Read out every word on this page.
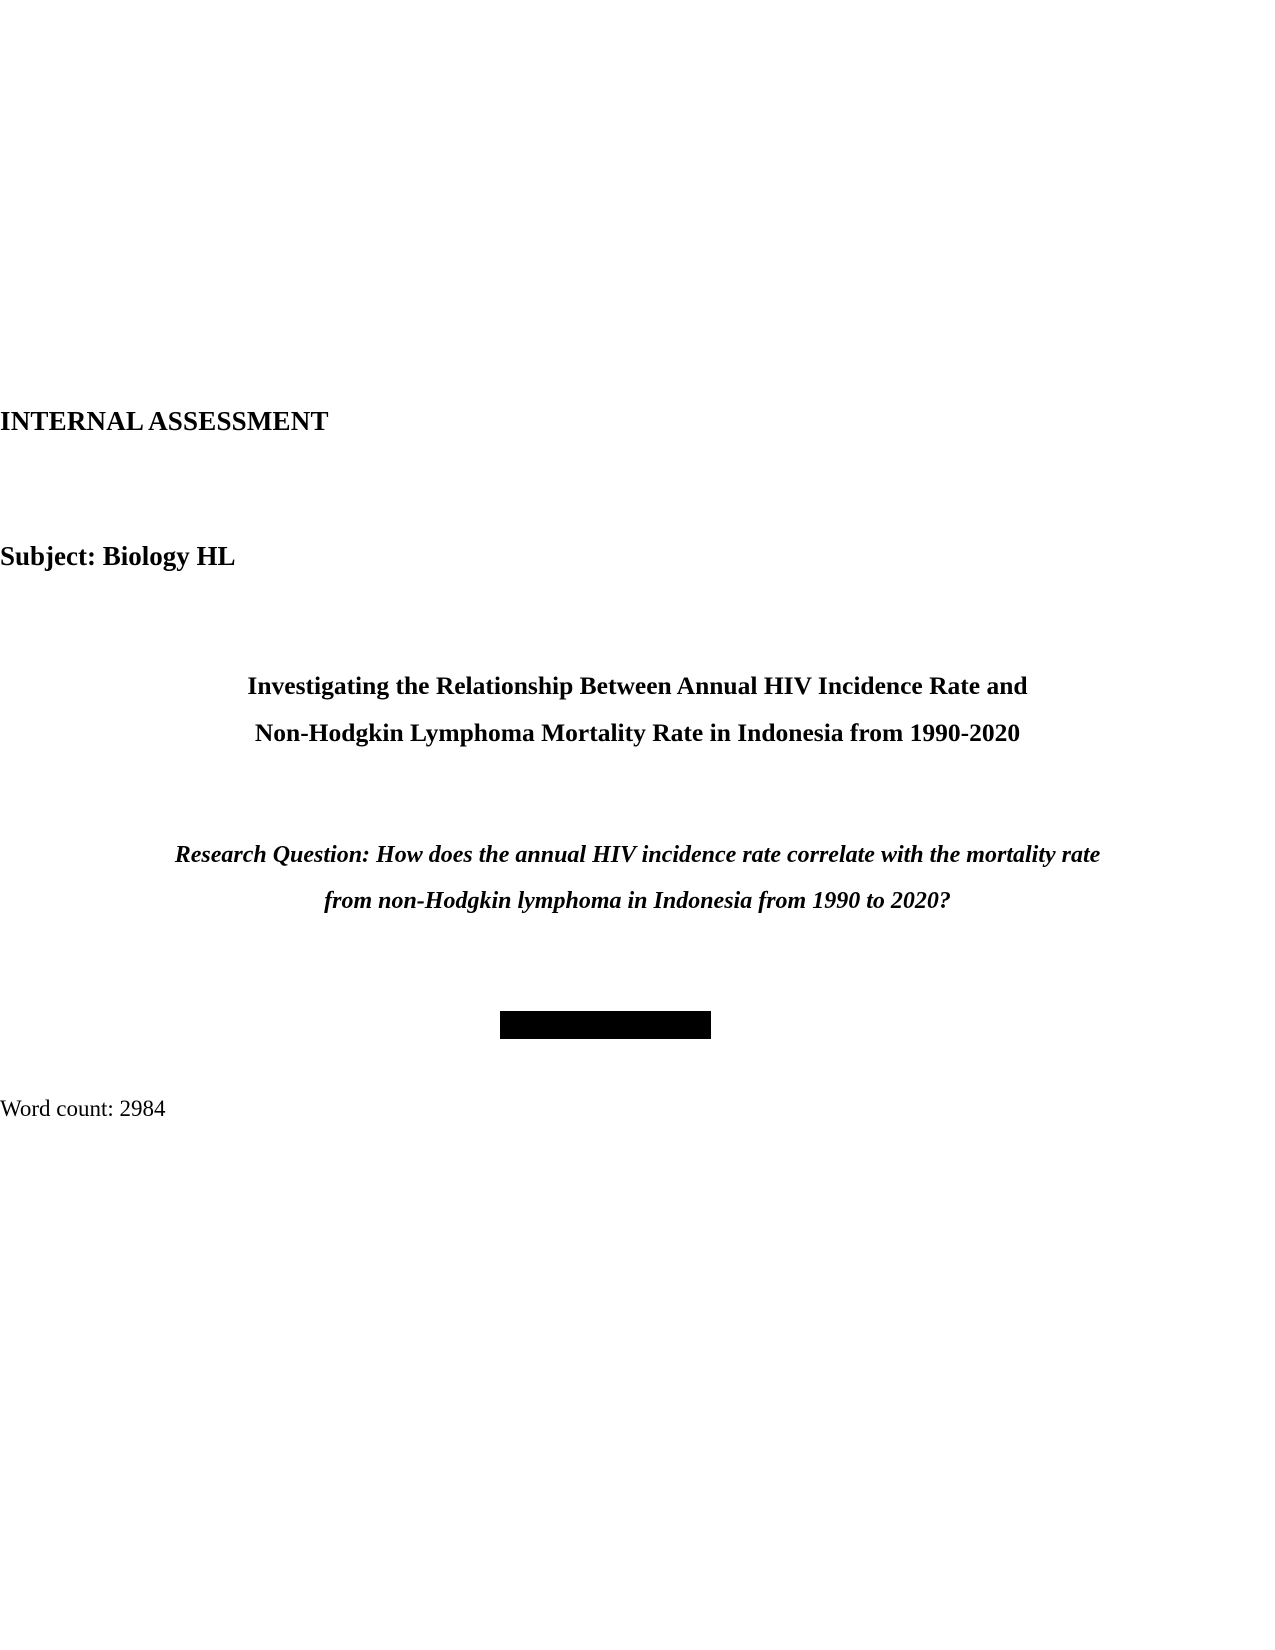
INTERNAL ASSESSMENT
Subject: Biology HL
Investigating the Relationship Between Annual HIV Incidence Rate and
Non-Hodgkin Lymphoma Mortality Rate in Indonesia from 1990-2020
Research Question: How does the annual HIV incidence rate correlate with the mortality rate
from non-Hodgkin lymphoma in Indonesia from 1990 to 2020?
Word count: 2984
